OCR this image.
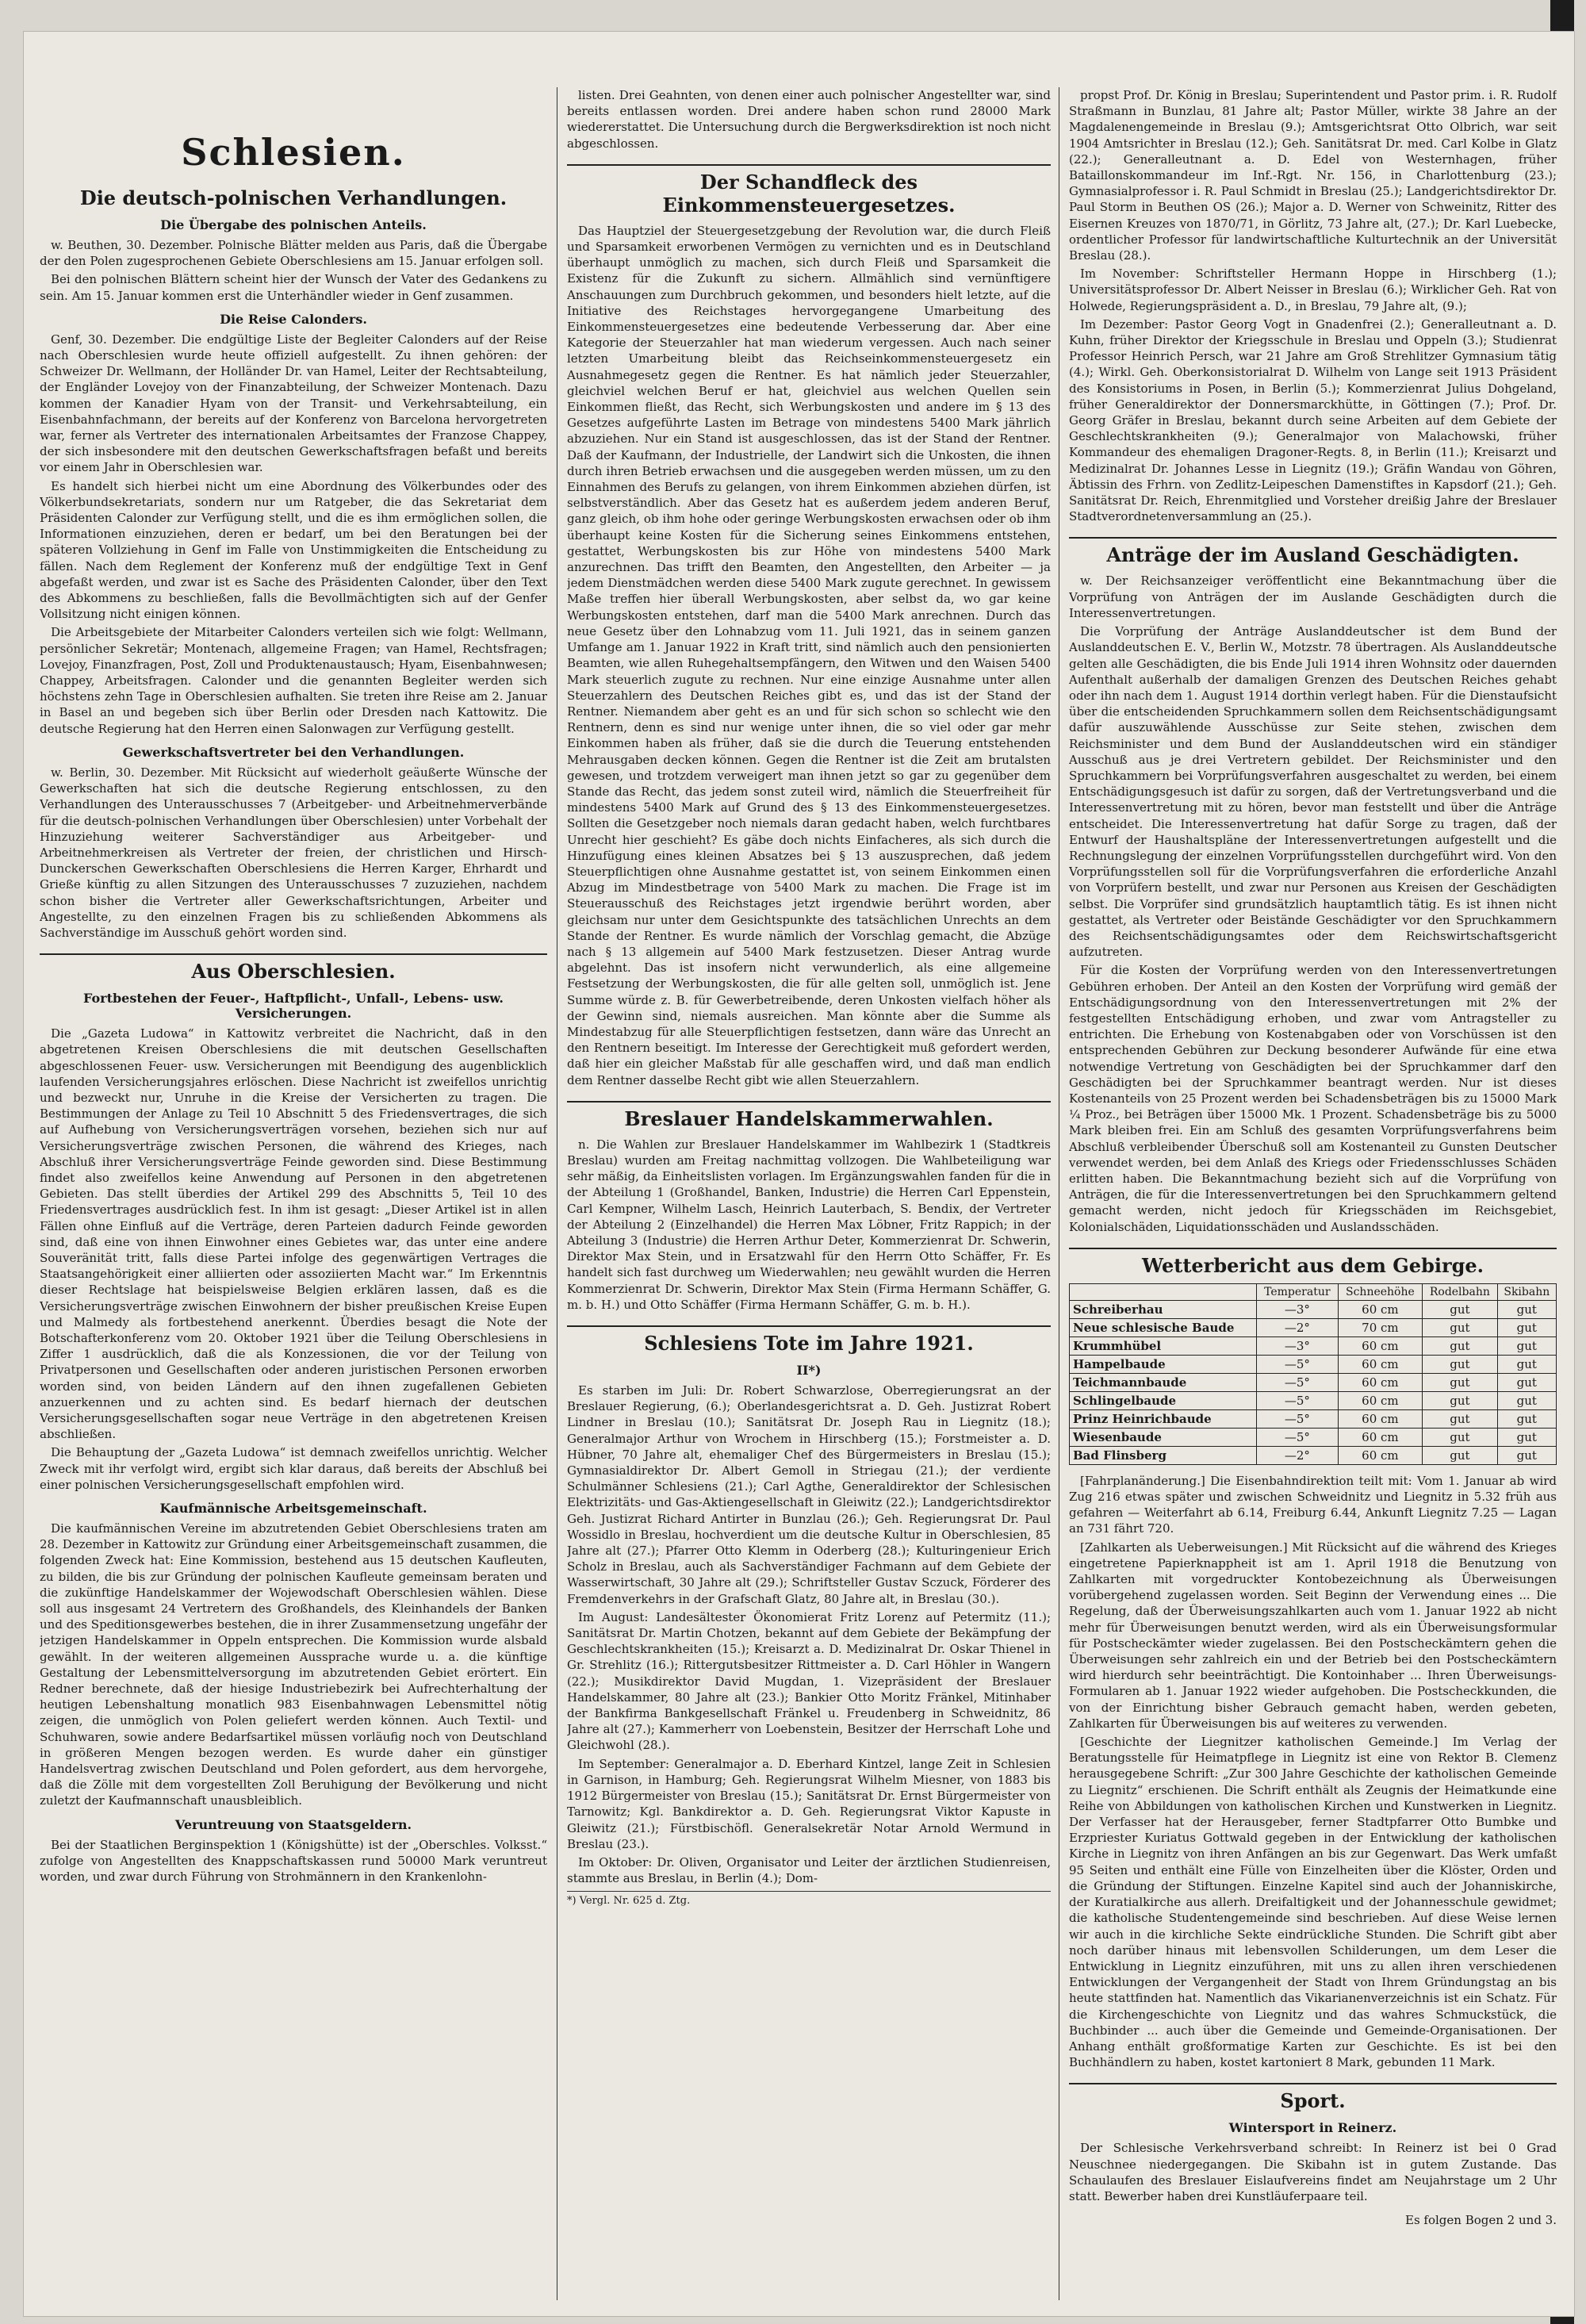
Schlesien.
Die deutsch-polnischen Verhandlungen.
Die Übergabe des polnischen Anteils.

w. Beuthen, 30. Dezember. Polnische Blätter melden aus Paris, daß die Übergabe der den Polen zugesprochenen Gebiete Oberschlesiens am 15. Januar erfolgen soll.

Bei den polnischen Blättern scheint hier der Wunsch der Vater des Gedankens zu sein. Am 15. Januar kommen erst die Unterhändler wieder in Genf zusammen.

Die Reise Calonders.

Genf, 30. Dezember. Die endgültige Liste der Begleiter Calonders auf der Reise nach Oberschlesien wurde heute offiziell aufgestellt. Zu ihnen gehören: der Schweizer Dr. Wellmann, der Holländer Dr. van Hamel, Leiter der Rechtsabteilung, der Engländer Lovejoy von der Finanzabteilung, der Schweizer Montenach. Dazu kommen der Kanadier Hyam von der Transit- und Verkehrsabteilung, ein Eisenbahnfachmann, der bereits auf der Konferenz von Barcelona hervorgetreten war, ferner als Vertreter des internationalen Arbeitsamtes der Franzose Chappey, der sich insbesondere mit den deutschen Gewerkschaftsfragen befaßt und bereits vor einem Jahr in Oberschlesien war.

Es handelt sich hierbei nicht um eine Abordnung des Völkerbundes oder des Völkerbundsekretariats, sondern nur um Ratgeber, die das Sekretariat dem Präsidenten Calonder zur Verfügung stellt, und die es ihm ermöglichen sollen, die Informationen einzuziehen, deren er bedarf, um bei den Beratungen bei der späteren Vollziehung in Genf im Falle von Unstimmigkeiten die Entscheidung zu fällen. Nach dem Reglement der Konferenz muß der endgültige Text in Genf abgefaßt werden, und zwar ist es Sache des Präsidenten Calonder, über den Text des Abkommens zu beschließen, falls die Bevollmächtigten sich auf der Genfer Vollsitzung nicht einigen können.

Die Arbeitsgebiete der Mitarbeiter Calonders verteilen sich wie folgt: Wellmann, persönlicher Sekretär; Montenach, allgemeine Fragen; van Hamel, Rechtsfragen; Lovejoy, Finanzfragen, Post, Zoll und Produktenaustausch; Hyam, Eisenbahnwesen; Chappey, Arbeitsfragen. Calonder und die genannten Begleiter werden sich höchstens zehn Tage in Oberschlesien aufhalten. Sie treten ihre Reise am 2. Januar in Basel an und begeben sich über Berlin oder Dresden nach Kattowitz. Die deutsche Regierung hat den Herren einen Salonwagen zur Verfügung gestellt.

Gewerkschaftsvertreter bei den Verhandlungen.

w. Berlin, 30. Dezember. Mit Rücksicht auf wiederholt geäußerte Wünsche der Gewerkschaften hat sich die deutsche Regierung entschlossen, zu den Verhandlungen des Unterausschusses 7 (Arbeitgeber- und Arbeitnehmerverbände für die deutsch-polnischen Verhandlungen über Oberschlesien) unter Vorbehalt der Hinzuziehung weiterer Sachverständiger aus Arbeitgeber- und Arbeitnehmerkreisen als Vertreter der freien, der christlichen und Hirsch-Dunckerschen Gewerkschaften Oberschlesiens die Herren Karger, Ehrhardt und Grieße künftig zu allen Sitzungen des Unterausschusses 7 zuzuziehen, nachdem schon bisher die Vertreter aller Gewerkschaftsrichtungen, Arbeiter und Angestellte, zu den einzelnen Fragen bis zu schließenden Abkommens als Sachverständige im Ausschuß gehört worden sind.

Aus Oberschlesien.
Fortbestehen der Feuer-, Haftpflicht-, Unfall-, Lebens- usw. Versicherungen.

Die „Gazeta Ludowa“ in Kattowitz verbreitet die Nachricht, daß in den abgetretenen Kreisen Oberschlesiens die mit deutschen Gesellschaften abgeschlossenen Feuer- usw. Versicherungen mit Beendigung des augenblicklich laufenden Versicherungsjahres erlöschen. Diese Nachricht ist zweifellos unrichtig und bezweckt nur, Unruhe in die Kreise der Versicherten zu tragen. Die Bestimmungen der Anlage zu Teil 10 Abschnitt 5 des Friedensvertrages, die sich auf Aufhebung von Versicherungsverträgen vorsehen, beziehen sich nur auf Versicherungsverträge zwischen Personen, die während des Krieges, nach Abschluß ihrer Versicherungsverträge Feinde geworden sind. Diese Bestimmung findet also zweifellos keine Anwendung auf Personen in den abgetretenen Gebieten. Das stellt überdies der Artikel 299 des Abschnitts 5, Teil 10 des Friedensvertrages ausdrücklich fest. In ihm ist gesagt: „Dieser Artikel ist in allen Fällen ohne Einfluß auf die Verträge, deren Parteien dadurch Feinde geworden sind, daß eine von ihnen Einwohner eines Gebietes war, das unter eine andere Souveränität tritt, falls diese Partei infolge des gegenwärtigen Vertrages die Staatsangehörigkeit einer alliierten oder assoziierten Macht war.“ Im Erkenntnis dieser Rechtslage hat beispielsweise Belgien erklären lassen, daß es die Versicherungsverträge zwischen Einwohnern der bisher preußischen Kreise Eupen und Malmedy als fortbestehend anerkennt. Überdies besagt die Note der Botschafterkonferenz vom 20. Oktober 1921 über die Teilung Oberschlesiens in Ziffer 1 ausdrücklich, daß die als Konzessionen, die vor der Teilung von Privatpersonen und Gesellschaften oder anderen juristischen Personen erworben worden sind, von beiden Ländern auf den ihnen zugefallenen Gebieten anzuerkennen und zu achten sind. Es bedarf hiernach der deutschen Versicherungsgesellschaften sogar neue Verträge in den abgetretenen Kreisen abschließen.

Die Behauptung der „Gazeta Ludowa“ ist demnach zweifellos unrichtig. Welcher Zweck mit ihr verfolgt wird, ergibt sich klar daraus, daß bereits der Abschluß bei einer polnischen Versicherungsgesellschaft empfohlen wird.

Kaufmännische Arbeitsgemeinschaft.

Die kaufmännischen Vereine im abzutretenden Gebiet Oberschlesiens traten am 28. Dezember in Kattowitz zur Gründung einer Arbeitsgemeinschaft zusammen, die folgenden Zweck hat: Eine Kommission, bestehend aus 15 deutschen Kaufleuten, zu bilden, die bis zur Gründung der polnischen Kaufleute gemeinsam beraten und die zukünftige Handelskammer der Wojewodschaft Oberschlesien wählen. Diese soll aus insgesamt 24 Vertretern des Großhandels, des Kleinhandels der Banken und des Speditionsgewerbes bestehen, die in ihrer Zusammensetzung ungefähr der jetzigen Handelskammer in Oppeln entsprechen. Die Kommission wurde alsbald gewählt. In der weiteren allgemeinen Aussprache wurde u. a. die künftige Gestaltung der Lebensmittelversorgung im abzutretenden Gebiet erörtert. Ein Redner berechnete, daß der hiesige Industriebezirk bei Aufrechterhaltung der heutigen Lebenshaltung monatlich 983 Eisenbahnwagen Lebensmittel nötig zeigen, die unmöglich von Polen geliefert werden können. Auch Textil- und Schuhwaren, sowie andere Bedarfsartikel müssen vorläufig noch von Deutschland in größeren Mengen bezogen werden. Es wurde daher ein günstiger Handelsvertrag zwischen Deutschland und Polen gefordert, aus dem hervorgehe, daß die Zölle mit dem vorgestellten Zoll Beruhigung der Bevölkerung und nicht zuletzt der Kaufmannschaft unausbleiblich.

Veruntreuung von Staatsgeldern.

Bei der Staatlichen Berginspektion 1 (Königshütte) ist der „Oberschles. Volksst.“ zufolge von Angestellten des Knappschaftskassen rund 50000 Mark veruntreut worden, und zwar durch Führung von Strohmännern in den Krankenlohn-

listen. Drei Geahnten, von denen einer auch polnischer Angestellter war, sind bereits entlassen worden. Drei andere haben schon rund 28000 Mark wiedererstattet. Die Untersuchung durch die Bergwerksdirektion ist noch nicht abgeschlossen.

Der Schandfleck des Einkommensteuergesetzes.

Das Hauptziel der Steuergesetzgebung der Revolution war, die durch Fleiß und Sparsamkeit erworbenen Vermögen zu vernichten und es in Deutschland überhaupt unmöglich zu machen, sich durch Fleiß und Sparsamkeit die Existenz für die Zukunft zu sichern. Allmählich sind vernünftigere Anschauungen zum Durchbruch gekommen, und besonders hielt letzte, auf die Initiative des Reichstages hervorgegangene Umarbeitung des Einkommensteuergesetzes eine bedeutende Verbesserung dar. Aber eine Kategorie der Steuerzahler hat man wiederum vergessen. Auch nach seiner letzten Umarbeitung bleibt das Reichseinkommensteuergesetz ein Ausnahmegesetz gegen die Rentner. Es hat nämlich jeder Steuerzahler, gleichviel welchen Beruf er hat, gleichviel aus welchen Quellen sein Einkommen fließt, das Recht, sich Werbungskosten und andere im § 13 des Gesetzes aufgeführte Lasten im Betrage von mindestens 5400 Mark jährlich abzuziehen. Nur ein Stand ist ausgeschlossen, das ist der Stand der Rentner. Daß der Kaufmann, der Industrielle, der Landwirt sich die Unkosten, die ihnen durch ihren Betrieb erwachsen und die ausgegeben werden müssen, um zu den Einnahmen des Berufs zu gelangen, von ihrem Einkommen abziehen dürfen, ist selbstverständlich. Aber das Gesetz hat es außerdem jedem anderen Beruf, ganz gleich, ob ihm hohe oder geringe Werbungskosten erwachsen oder ob ihm überhaupt keine Kosten für die Sicherung seines Einkommens entstehen, gestattet, Werbungskosten bis zur Höhe von mindestens 5400 Mark anzurechnen. Das trifft den Beamten, den Angestellten, den Arbeiter — ja jedem Dienstmädchen werden diese 5400 Mark zugute gerechnet. In gewissem Maße treffen hier überall Werbungskosten, aber selbst da, wo gar keine Werbungskosten entstehen, darf man die 5400 Mark anrechnen. Durch das neue Gesetz über den Lohnabzug vom 11. Juli 1921, das in seinem ganzen Umfange am 1. Januar 1922 in Kraft tritt, sind nämlich auch den pensionierten Beamten, wie allen Ruhegehaltsempfängern, den Witwen und den Waisen 5400 Mark steuerlich zugute zu rechnen. Nur eine einzige Ausnahme unter allen Steuerzahlern des Deutschen Reiches gibt es, und das ist der Stand der Rentner. Niemandem aber geht es an und für sich schon so schlecht wie den Rentnern, denn es sind nur wenige unter ihnen, die so viel oder gar mehr Einkommen haben als früher, daß sie die durch die Teuerung entstehenden Mehrausgaben decken können. Gegen die Rentner ist die Zeit am brutalsten gewesen, und trotzdem verweigert man ihnen jetzt so gar zu gegenüber dem Stande das Recht, das jedem sonst zuteil wird, nämlich die Steuerfreiheit für mindestens 5400 Mark auf Grund des § 13 des Einkommensteuergesetzes. Sollten die Gesetzgeber noch niemals daran gedacht haben, welch furchtbares Unrecht hier geschieht? Es gäbe doch nichts Einfacheres, als sich durch die Hinzufügung eines kleinen Absatzes bei § 13 auszusprechen, daß jedem Steuerpflichtigen ohne Ausnahme gestattet ist, von seinem Einkommen einen Abzug im Mindestbetrage von 5400 Mark zu machen. Die Frage ist im Steuerausschuß des Reichstages jetzt irgendwie berührt worden, aber gleichsam nur unter dem Gesichtspunkte des tatsächlichen Unrechts an dem Stande der Rentner. Es wurde nämlich der Vorschlag gemacht, die Abzüge nach § 13 allgemein auf 5400 Mark festzusetzen. Dieser Antrag wurde abgelehnt. Das ist insofern nicht verwunderlich, als eine allgemeine Festsetzung der Werbungskosten, die für alle gelten soll, unmöglich ist. Jene Summe würde z. B. für Gewerbetreibende, deren Unkosten vielfach höher als der Gewinn sind, niemals ausreichen. Man könnte aber die Summe als Mindestabzug für alle Steuerpflichtigen festsetzen, dann wäre das Unrecht an den Rentnern beseitigt. Im Interesse der Gerechtigkeit muß gefordert werden, daß hier ein gleicher Maßstab für alle geschaffen wird, und daß man endlich dem Rentner dasselbe Recht gibt wie allen Steuerzahlern.

Breslauer Handelskammerwahlen.

n. Die Wahlen zur Breslauer Handelskammer im Wahlbezirk 1 (Stadtkreis Breslau) wurden am Freitag nachmittag vollzogen. Die Wahlbeteiligung war sehr mäßig, da Einheitslisten vorlagen. Im Ergänzungswahlen fanden für die in der Abteilung 1 (Großhandel, Banken, Industrie) die Herren Carl Eppenstein, Carl Kempner, Wilhelm Lasch, Heinrich Lauterbach, S. Bendix, der Vertreter der Abteilung 2 (Einzelhandel) die Herren Max Löbner, Fritz Rappich; in der Abteilung 3 (Industrie) die Herren Arthur Deter, Kommerzienrat Dr. Schwerin, Direktor Max Stein, und in Ersatzwahl für den Herrn Otto Schäffer, Fr. Es handelt sich fast durchweg um Wiederwahlen; neu gewählt wurden die Herren Kommerzienrat Dr. Schwerin, Direktor Max Stein (Firma Hermann Schäffer, G. m. b. H.) und Otto Schäffer (Firma Hermann Schäffer, G. m. b. H.).

Schlesiens Tote im Jahre 1921.
II*)

Es starben im Juli: Dr. Robert Schwarzlose, Oberregierungsrat an der Breslauer Regierung, (6.); Oberlandesgerichtsrat a. D. Geh. Justizrat Robert Lindner in Breslau (10.); Sanitätsrat Dr. Joseph Rau in Liegnitz (18.); Generalmajor Arthur von Wrochem in Hirschberg (15.); Forstmeister a. D. Hübner, 70 Jahre alt, ehemaliger Chef des Bürgermeisters in Breslau (15.); Gymnasialdirektor Dr. Albert Gemoll in Striegau (21.); der verdiente Schulmänner Schlesiens (21.); Carl Agthe, Generaldirektor der Schlesischen Elektrizitäts- und Gas-Aktiengesellschaft in Gleiwitz (22.); Landgerichtsdirektor Geh. Justizrat Richard Antirter in Bunzlau (26.); Geh. Regierungsrat Dr. Paul Wossidlo in Breslau, hochverdient um die deutsche Kultur in Oberschlesien, 85 Jahre alt (27.); Pfarrer Otto Klemm in Oderberg (28.); Kulturingenieur Erich Scholz in Breslau, auch als Sachverständiger Fachmann auf dem Gebiete der Wasserwirtschaft, 30 Jahre alt (29.); Schriftsteller Gustav Sczuck, Förderer des Fremdenverkehrs in der Grafschaft Glatz, 80 Jahre alt, in Breslau (30.).

Im August: Landesältester Ökonomierat Fritz Lorenz auf Petermitz (11.); Sanitätsrat Dr. Martin Chotzen, bekannt auf dem Gebiete der Bekämpfung der Geschlechtskrankheiten (15.); Kreisarzt a. D. Medizinalrat Dr. Oskar Thienel in Gr. Strehlitz (16.); Rittergutsbesitzer Rittmeister a. D. Carl Höhler in Wangern (22.); Musikdirektor David Mugdan, 1. Vizepräsident der Breslauer Handelskammer, 80 Jahre alt (23.); Bankier Otto Moritz Fränkel, Mitinhaber der Bankfirma Bankgesellschaft Fränkel u. Freudenberg in Schweidnitz, 86 Jahre alt (27.); Kammerherr von Loebenstein, Besitzer der Herrschaft Lohe und Gleichwohl (28.).

Im September: Generalmajor a. D. Eberhard Kintzel, lange Zeit in Schlesien in Garnison, in Hamburg; Geh. Regierungsrat Wilhelm Miesner, von 1883 bis 1912 Bürgermeister von Breslau (15.); Sanitätsrat Dr. Ernst Bürgermeister von Tarnowitz; Kgl. Bankdirektor a. D. Geh. Regierungsrat Viktor Kapuste in Gleiwitz (21.); Fürstbischöfl. Generalsekretär Notar Arnold Wermund in Breslau (23.).

Im Oktober: Dr. Oliven, Organisator und Leiter der ärztlichen Studienreisen, stammte aus Breslau, in Berlin (4.); Dom-

*) Vergl. Nr. 625 d. Ztg.

propst Prof. Dr. König in Breslau; Superintendent und Pastor prim. i. R. Rudolf Straßmann in Bunzlau, 81 Jahre alt; Pastor Müller, wirkte 38 Jahre an der Magdalenengemeinde in Breslau (9.); Amtsgerichtsrat Otto Olbrich, war seit 1904 Amtsrichter in Breslau (12.); Geh. Sanitätsrat Dr. med. Carl Kolbe in Glatz (22.); Generalleutnant a. D. Edel von Westernhagen, früher Bataillonskommandeur im Inf.-Rgt. Nr. 156, in Charlottenburg (23.); Gymnasialprofessor i. R. Paul Schmidt in Breslau (25.); Landgerichtsdirektor Dr. Paul Storm in Beuthen OS (26.); Major a. D. Werner von Schweinitz, Ritter des Eisernen Kreuzes von 1870/71, in Görlitz, 73 Jahre alt, (27.); Dr. Karl Luebecke, ordentlicher Professor für landwirtschaftliche Kulturtechnik an der Universität Breslau (28.).

Im November: Schriftsteller Hermann Hoppe in Hirschberg (1.); Universitätsprofessor Dr. Albert Neisser in Breslau (6.); Wirklicher Geh. Rat von Holwede, Regierungspräsident a. D., in Breslau, 79 Jahre alt, (9.);

Im Dezember: Pastor Georg Vogt in Gnadenfrei (2.); Generalleutnant a. D. Kuhn, früher Direktor der Kriegsschule in Breslau und Oppeln (3.); Studienrat Professor Heinrich Persch, war 21 Jahre am Groß Strehlitzer Gymnasium tätig (4.); Wirkl. Geh. Oberkonsistorialrat D. Wilhelm von Lange seit 1913 Präsident des Konsistoriums in Posen, in Berlin (5.); Kommerzienrat Julius Dohgeland, früher Generaldirektor der Donnersmarckhütte, in Göttingen (7.); Prof. Dr. Georg Gräfer in Breslau, bekannt durch seine Arbeiten auf dem Gebiete der Geschlechtskrankheiten (9.); Generalmajor von Malachowski, früher Kommandeur des ehemaligen Dragoner-Regts. 8, in Berlin (11.); Kreisarzt und Medizinalrat Dr. Johannes Lesse in Liegnitz (19.); Gräfin Wandau von Göhren, Äbtissin des Frhrn. von Zedlitz-Leipeschen Damenstiftes in Kapsdorf (21.); Geh. Sanitätsrat Dr. Reich, Ehrenmitglied und Vorsteher dreißig Jahre der Breslauer Stadtverordnetenversammlung an (25.).

Anträge der im Ausland Geschädigten.

w. Der Reichsanzeiger veröffentlicht eine Bekanntmachung über die Vorprüfung von Anträgen der im Auslande Geschädigten durch die Interessenvertretungen.

Die Vorprüfung der Anträge Auslanddeutscher ist dem Bund der Auslanddeutschen E. V., Berlin W., Motzstr. 78 übertragen. Als Auslanddeutsche gelten alle Geschädigten, die bis Ende Juli 1914 ihren Wohnsitz oder dauernden Aufenthalt außerhalb der damaligen Grenzen des Deutschen Reiches gehabt oder ihn nach dem 1. August 1914 dorthin verlegt haben. Für die Dienstaufsicht über die entscheidenden Spruchkammern sollen dem Reichsentschädigungsamt dafür auszuwählende Ausschüsse zur Seite stehen, zwischen dem Reichsminister und dem Bund der Auslanddeutschen wird ein ständiger Ausschuß aus je drei Vertretern gebildet. Der Reichsminister und den Spruchkammern bei Vorprüfungsverfahren ausgeschaltet zu werden, bei einem Entschädigungsgesuch ist dafür zu sorgen, daß der Vertretungsverband und die Interessenvertretung mit zu hören, bevor man feststellt und über die Anträge entscheidet. Die Interessenvertretung hat dafür Sorge zu tragen, daß der Entwurf der Haushaltspläne der Interessenvertretungen aufgestellt und die Rechnungslegung der einzelnen Vorprüfungsstellen durchgeführt wird. Von den Vorprüfungsstellen soll für die Vorprüfungsverfahren die erforderliche Anzahl von Vorprüfern bestellt, und zwar nur Personen aus Kreisen der Geschädigten selbst. Die Vorprüfer sind grundsätzlich hauptamtlich tätig. Es ist ihnen nicht gestattet, als Vertreter oder Beistände Geschädigter vor den Spruchkammern des Reichsentschädigungsamtes oder dem Reichswirtschaftsgericht aufzutreten.

Für die Kosten der Vorprüfung werden von den Interessenvertretungen Gebühren erhoben. Der Anteil an den Kosten der Vorprüfung wird gemäß der Entschädigungsordnung von den Interessenvertretungen mit 2% der festgestellten Entschädigung erhoben, und zwar vom Antragsteller zu entrichten. Die Erhebung von Kostenabgaben oder von Vorschüssen ist den entsprechenden Gebühren zur Deckung besonderer Aufwände für eine etwa notwendige Vertretung von Geschädigten bei der Spruchkammer darf den Geschädigten bei der Spruchkammer beantragt werden. Nur ist dieses Kostenanteils von 25 Prozent werden bei Schadensbeträgen bis zu 15000 Mark ¼ Proz., bei Beträgen über 15000 Mk. 1 Prozent. Schadensbeträge bis zu 5000 Mark bleiben frei. Ein am Schluß des gesamten Vorprüfungsverfahrens beim Abschluß verbleibender Überschuß soll am Kostenanteil zu Gunsten Deutscher verwendet werden, bei dem Anlaß des Kriegs oder Friedensschlusses Schäden erlitten haben. Die Bekanntmachung bezieht sich auf die Vorprüfung von Anträgen, die für die Interessenvertretungen bei den Spruchkammern geltend gemacht werden, nicht jedoch für Kriegsschäden im Reichsgebiet, Kolonialschäden, Liquidationsschäden und Auslandsschäden.

Wetterbericht aus dem Gebirge.
	Temperatur	Schneehöhe	Rodelbahn	Skibahn
Schreiberhau	—3°	60 cm	gut	gut
Neue schlesische Baude	—2°	70 cm	gut	gut
Krummhübel	—3°	60 cm	gut	gut
Hampelbaude	—5°	60 cm	gut	gut
Teichmannbaude	—5°	60 cm	gut	gut
Schlingelbaude	—5°	60 cm	gut	gut
Prinz Heinrichbaude	—5°	60 cm	gut	gut
Wiesenbaude	—5°	60 cm	gut	gut
Bad Flinsberg	—2°	60 cm	gut	gut

[Fahrplanänderung.] Die Eisenbahndirektion teilt mit: Vom 1. Januar ab wird Zug 216 etwas später und zwischen Schweidnitz und Liegnitz in 5.32 früh aus gefahren — Weiterfahrt ab 6.14, Freiburg 6.44, Ankunft Liegnitz 7.25 — Lagan an 731 fährt 720.

[Zahlkarten als Ueberweisungen.] Mit Rücksicht auf die während des Krieges eingetretene Papierknappheit ist am 1. April 1918 die Benutzung von Zahlkarten mit vorgedruckter Kontobezeichnung als Überweisungen vorübergehend zugelassen worden. Seit Beginn der Verwendung eines ... Die Regelung, daß der Überweisungszahlkarten auch vom 1. Januar 1922 ab nicht mehr für Überweisungen benutzt werden, wird als ein Überweisungsformular für Postscheckämter wieder zugelassen. Bei den Postscheckämtern gehen die Überweisungen sehr zahlreich ein und der Betrieb bei den Postscheckämtern wird hierdurch sehr beeinträchtigt. Die Kontoinhaber ... Ihren Überweisungs-Formularen ab 1. Januar 1922 wieder aufgehoben. Die Postscheckkunden, die von der Einrichtung bisher Gebrauch gemacht haben, werden gebeten, Zahlkarten für Überweisungen bis auf weiteres zu verwenden.

[Geschichte der Liegnitzer katholischen Gemeinde.] Im Verlag der Beratungsstelle für Heimatpflege in Liegnitz ist eine von Rektor B. Clemenz herausgegebene Schrift: „Zur 300 Jahre Geschichte der katholischen Gemeinde zu Liegnitz“ erschienen. Die Schrift enthält als Zeugnis der Heimatkunde eine Reihe von Abbildungen von katholischen Kirchen und Kunstwerken in Liegnitz. Der Verfasser hat der Herausgeber, ferner Stadtpfarrer Otto Bumbke und Erzpriester Kuriatus Gottwald gegeben in der Entwicklung der katholischen Kirche in Liegnitz von ihren Anfängen an bis zur Gegenwart. Das Werk umfaßt 95 Seiten und enthält eine Fülle von Einzelheiten über die Klöster, Orden und die Gründung der Stiftungen. Einzelne Kapitel sind auch der Johanniskirche, der Kuratialkirche aus allerh. Dreifaltigkeit und der Johannesschule gewidmet; die katholische Studentengemeinde sind beschrieben. Auf diese Weise lernen wir auch in die kirchliche Sekte eindrückliche Stunden. Die Schrift gibt aber noch darüber hinaus mit lebensvollen Schilderungen, um dem Leser die Entwicklung in Liegnitz einzuführen, mit uns zu allen ihren verschiedenen Entwicklungen der Vergangenheit der Stadt von Ihrem Gründungstag an bis heute stattfinden hat. Namentlich das Vikarianenverzeichnis ist ein Schatz. Für die Kirchengeschichte von Liegnitz und das wahres Schmuckstück, die Buchbinder ... auch über die Gemeinde und Gemeinde-Organisationen. Der Anhang enthält großformatige Karten zur Geschichte. Es ist bei den Buchhändlern zu haben, kostet kartoniert 8 Mark, gebunden 11 Mark.

Sport.
Wintersport in Reinerz.

Der Schlesische Verkehrsverband schreibt: In Reinerz ist bei 0 Grad Neuschnee niedergegangen. Die Skibahn ist in gutem Zustande. Das Schaulaufen des Breslauer Eislaufvereins findet am Neujahrstage um 2 Uhr statt. Bewerber haben drei Kunstläuferpaare teil.

Es folgen Bogen 2 und 3.
